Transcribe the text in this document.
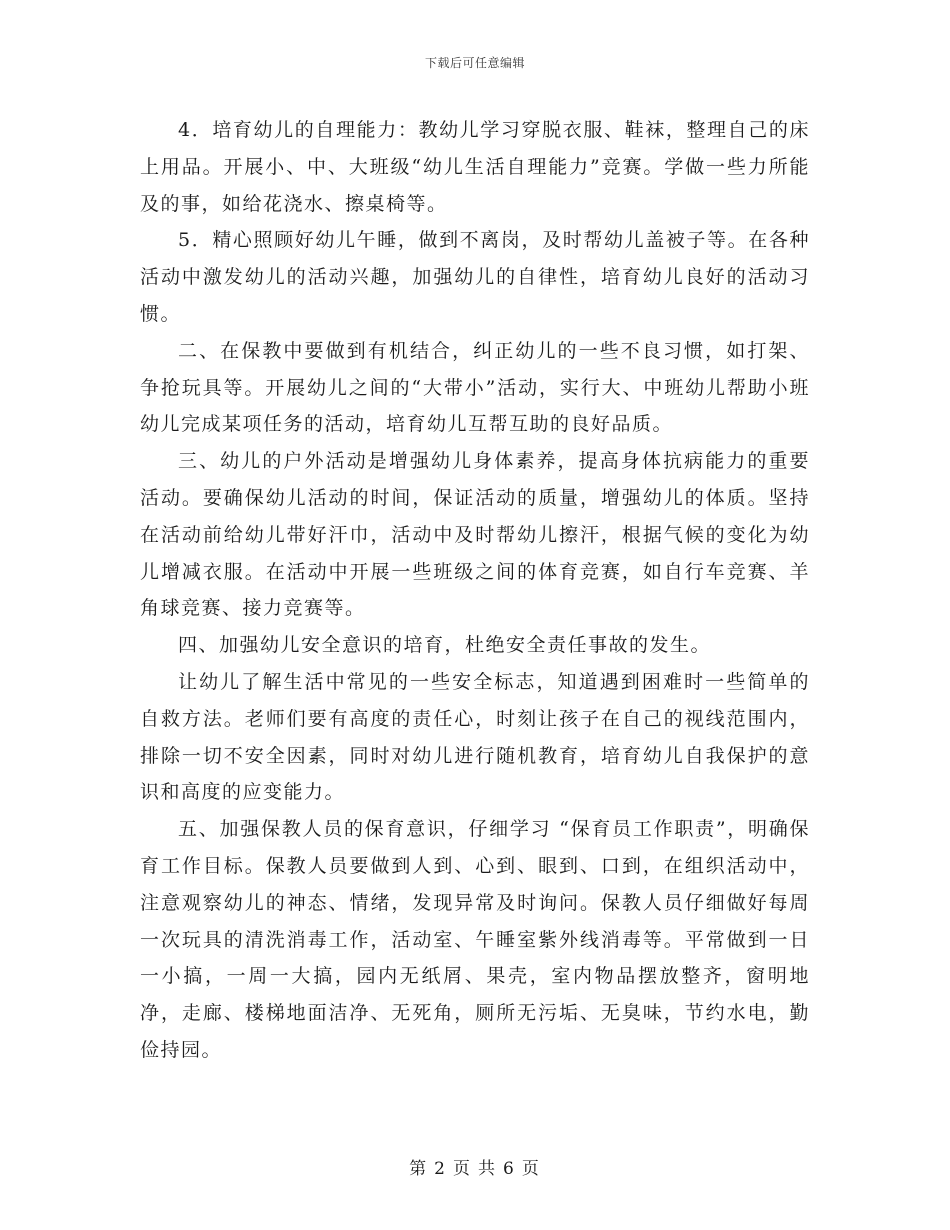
下载后可任意编辑

4．培育幼儿的自理能力：教幼儿学习穿脱衣服、鞋袜，整理自己的床上用品。开展小、中、大班级“幼儿生活自理能力”竞赛。学做一些力所能及的事，如给花浇水、擦桌椅等。

5．精心照顾好幼儿午睡，做到不离岗，及时帮幼儿盖被子等。在各种活动中激发幼儿的活动兴趣，加强幼儿的自律性，培育幼儿良好的活动习惯。

二、在保教中要做到有机结合，纠正幼儿的一些不良习惯，如打架、争抢玩具等。开展幼儿之间的“大带小”活动，实行大、中班幼儿帮助小班幼儿完成某项任务的活动，培育幼儿互帮互助的良好品质。

三、幼儿的户外活动是增强幼儿身体素养，提高身体抗病能力的重要活动。要确保幼儿活动的时间，保证活动的质量，增强幼儿的体质。坚持在活动前给幼儿带好汗巾，活动中及时帮幼儿擦汗，根据气候的变化为幼儿增减衣服。在活动中开展一些班级之间的体育竞赛，如自行车竞赛、羊角球竞赛、接力竞赛等。

四、加强幼儿安全意识的培育，杜绝安全责任事故的发生。

让幼儿了解生活中常见的一些安全标志，知道遇到困难时一些简单的自救方法。老师们要有高度的责任心，时刻让孩子在自己的视线范围内，排除一切不安全因素，同时对幼儿进行随机教育，培育幼儿自我保护的意识和高度的应变能力。

五、加强保教人员的保育意识，仔细学习 “保育员工作职责”，明确保育工作目标。保教人员要做到人到、心到、眼到、口到，在组织活动中，注意观察幼儿的神态、情绪，发现异常及时询问。保教人员仔细做好每周一次玩具的清洗消毒工作，活动室、午睡室紫外线消毒等。平常做到一日一小搞，一周一大搞，园内无纸屑、果壳，室内物品摆放整齐，窗明地净，走廊、楼梯地面洁净、无死角，厕所无污垢、无臭味，节约水电，勤俭持园。

第 2 页 共 6 页
